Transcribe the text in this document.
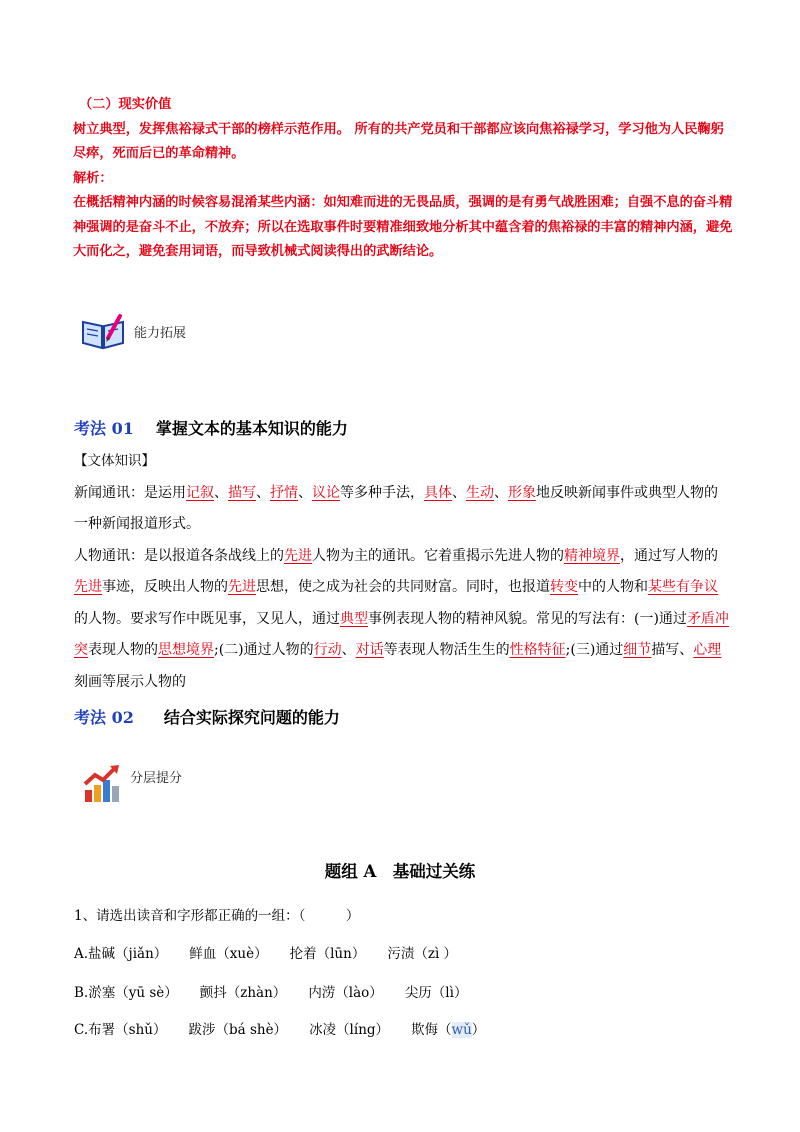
（二）现实价值

树立典型，发挥焦裕禄式干部的榜样示范作用。 所有的共产党员和干部都应该向焦裕禄学习，学习他为人民鞠躬尽瘁，死而后已的革命精神。

解析：

在概括精神内涵的时候容易混淆某些内涵：如知难而进的无畏品质，强调的是有勇气战胜困难；自强不息的奋斗精神强调的是奋斗不止，不放弃；所以在选取事件时要精准细致地分析其中蕴含着的焦裕禄的丰富的精神内涵，避免大而化之，避免套用词语，而导致机械式阅读得出的武断结论。

能力拓展
考法 01 掌握文本的基本知识的能力

【文体知识】

新闻通讯：是运用记叙、描写、抒情、议论等多种手法，具体、生动、形象地反映新闻事件或典型人物的一种新闻报道形式。

人物通讯：是以报道各条战线上的先进人物为主的通讯。它着重揭示先进人物的精神境界，通过写人物的先进事迹，反映出人物的先进思想，使之成为社会的共同财富。同时，也报道转变中的人物和某些有争议的人物。要求写作中既见事，又见人，通过典型事例表现人物的精神风貌。常见的写法有：(一)通过矛盾冲突表现人物的思想境界;(二)通过人物的行动、对话等表现人物活生生的性格特征;(三)通过细节描写、心理刻画等展示人物的

考法 02 结合实际探究问题的能力
分层提分
题组 A　基础过关练
1、请选出读音和字形都正确的一组：（　　　）
A.盐碱（jiǎn） 鲜血（xuè） 抡着（lūn） 污渍（zì ）
B.淤塞（yū sè） 颤抖（zhàn） 内涝（lào） 尖历（lì）
C.布署（shǔ） 跋涉（bá shè） 冰凌（líng） 欺侮（wǔ）
